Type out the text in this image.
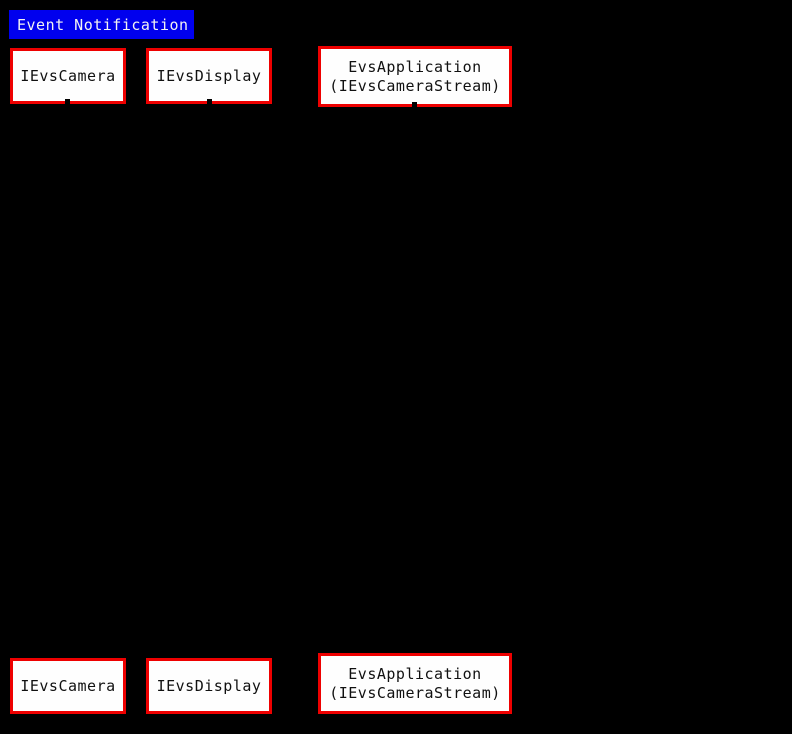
Event Notification
IEvsCamera	IEvsDisplay	EvsApplication
(IEvsCameraStream)
IEvsCamera	IEvsDisplay
EvsApplication
(IEvsCameraStream)
